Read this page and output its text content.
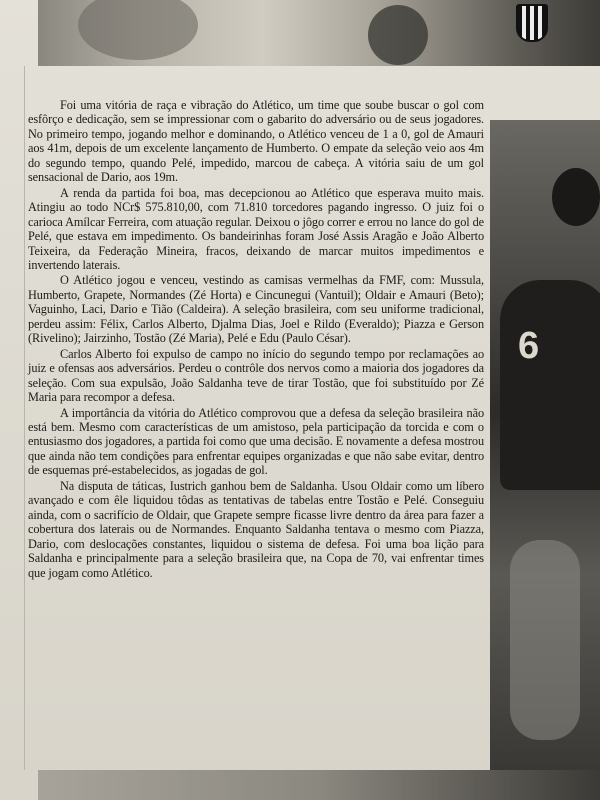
6

Foi uma vitória de raça e vibração do Atlético, um time que soube buscar o gol com esfôrço e dedicação, sem se impressionar com o gabarito do adversário ou de seus jogadores. No primeiro tempo, jogando melhor e dominando, o Atlético venceu de 1 a 0, gol de Amauri aos 41m, depois de um excelente lançamento de Humberto. O empate da seleção veio aos 4m do segundo tempo, quando Pelé, impedido, marcou de cabeça. A vitória saiu de um gol sensacional de Dario, aos 19m.

A renda da partida foi boa, mas decepcionou ao Atlético que esperava muito mais. Atingiu ao todo NCr$ 575.810,00, com 71.810 torcedores pagando ingresso. O juiz foi o carioca Amílcar Ferreira, com atuação regular. Deixou o jôgo correr e errou no lance do gol de Pelé, que estava em impedimento. Os bandeirinhas foram José Assis Aragão e João Alberto Teixeira, da Federação Mineira, fracos, deixando de marcar muitos impedimentos e invertendo laterais.

O Atlético jogou e venceu, vestindo as camisas vermelhas da FMF, com: Mussula, Humberto, Grapete, Normandes (Zé Horta) e Cincunegui (Vantuil); Oldair e Amauri (Beto); Vaguinho, Laci, Dario e Tião (Caldeira). A seleção brasileira, com seu uniforme tradicional, perdeu assim: Félix, Carlos Alberto, Djalma Dias, Joel e Rildo (Everaldo); Piazza e Gerson (Rivelino); Jairzinho, Tostão (Zé Maria), Pelé e Edu (Paulo César).

Carlos Alberto foi expulso de campo no início do segundo tempo por reclamações ao juiz e ofensas aos adversários. Perdeu o contrôle dos nervos como a maioria dos jogadores da seleção. Com sua expulsão, João Saldanha teve de tirar Tostão, que foi substituído por Zé Maria para recompor a defesa.

A importância da vitória do Atlético comprovou que a defesa da seleção brasileira não está bem. Mesmo com características de um amistoso, pela participação da torcida e com o entusiasmo dos jogadores, a partida foi como que uma decisão. E novamente a defesa mostrou que ainda não tem condições para enfrentar equipes organizadas e que não sabe evitar, dentro de esquemas pré-estabelecidos, as jogadas de gol.

Na disputa de táticas, Iustrich ganhou bem de Saldanha. Usou Oldair como um líbero avançado e com êle liquidou tôdas as tentativas de tabelas entre Tostão e Pelé. Conseguiu ainda, com o sacrifício de Oldair, que Grapete sempre ficasse livre dentro da área para fazer a cobertura dos laterais ou de Normandes. Enquanto Saldanha tentava o mesmo com Piazza, Dario, com deslocações constantes, liquidou o sistema de defesa. Foi uma boa lição para Saldanha e principalmente para a seleção brasileira que, na Copa de 70, vai enfrentar times que jogam como Atlético.
